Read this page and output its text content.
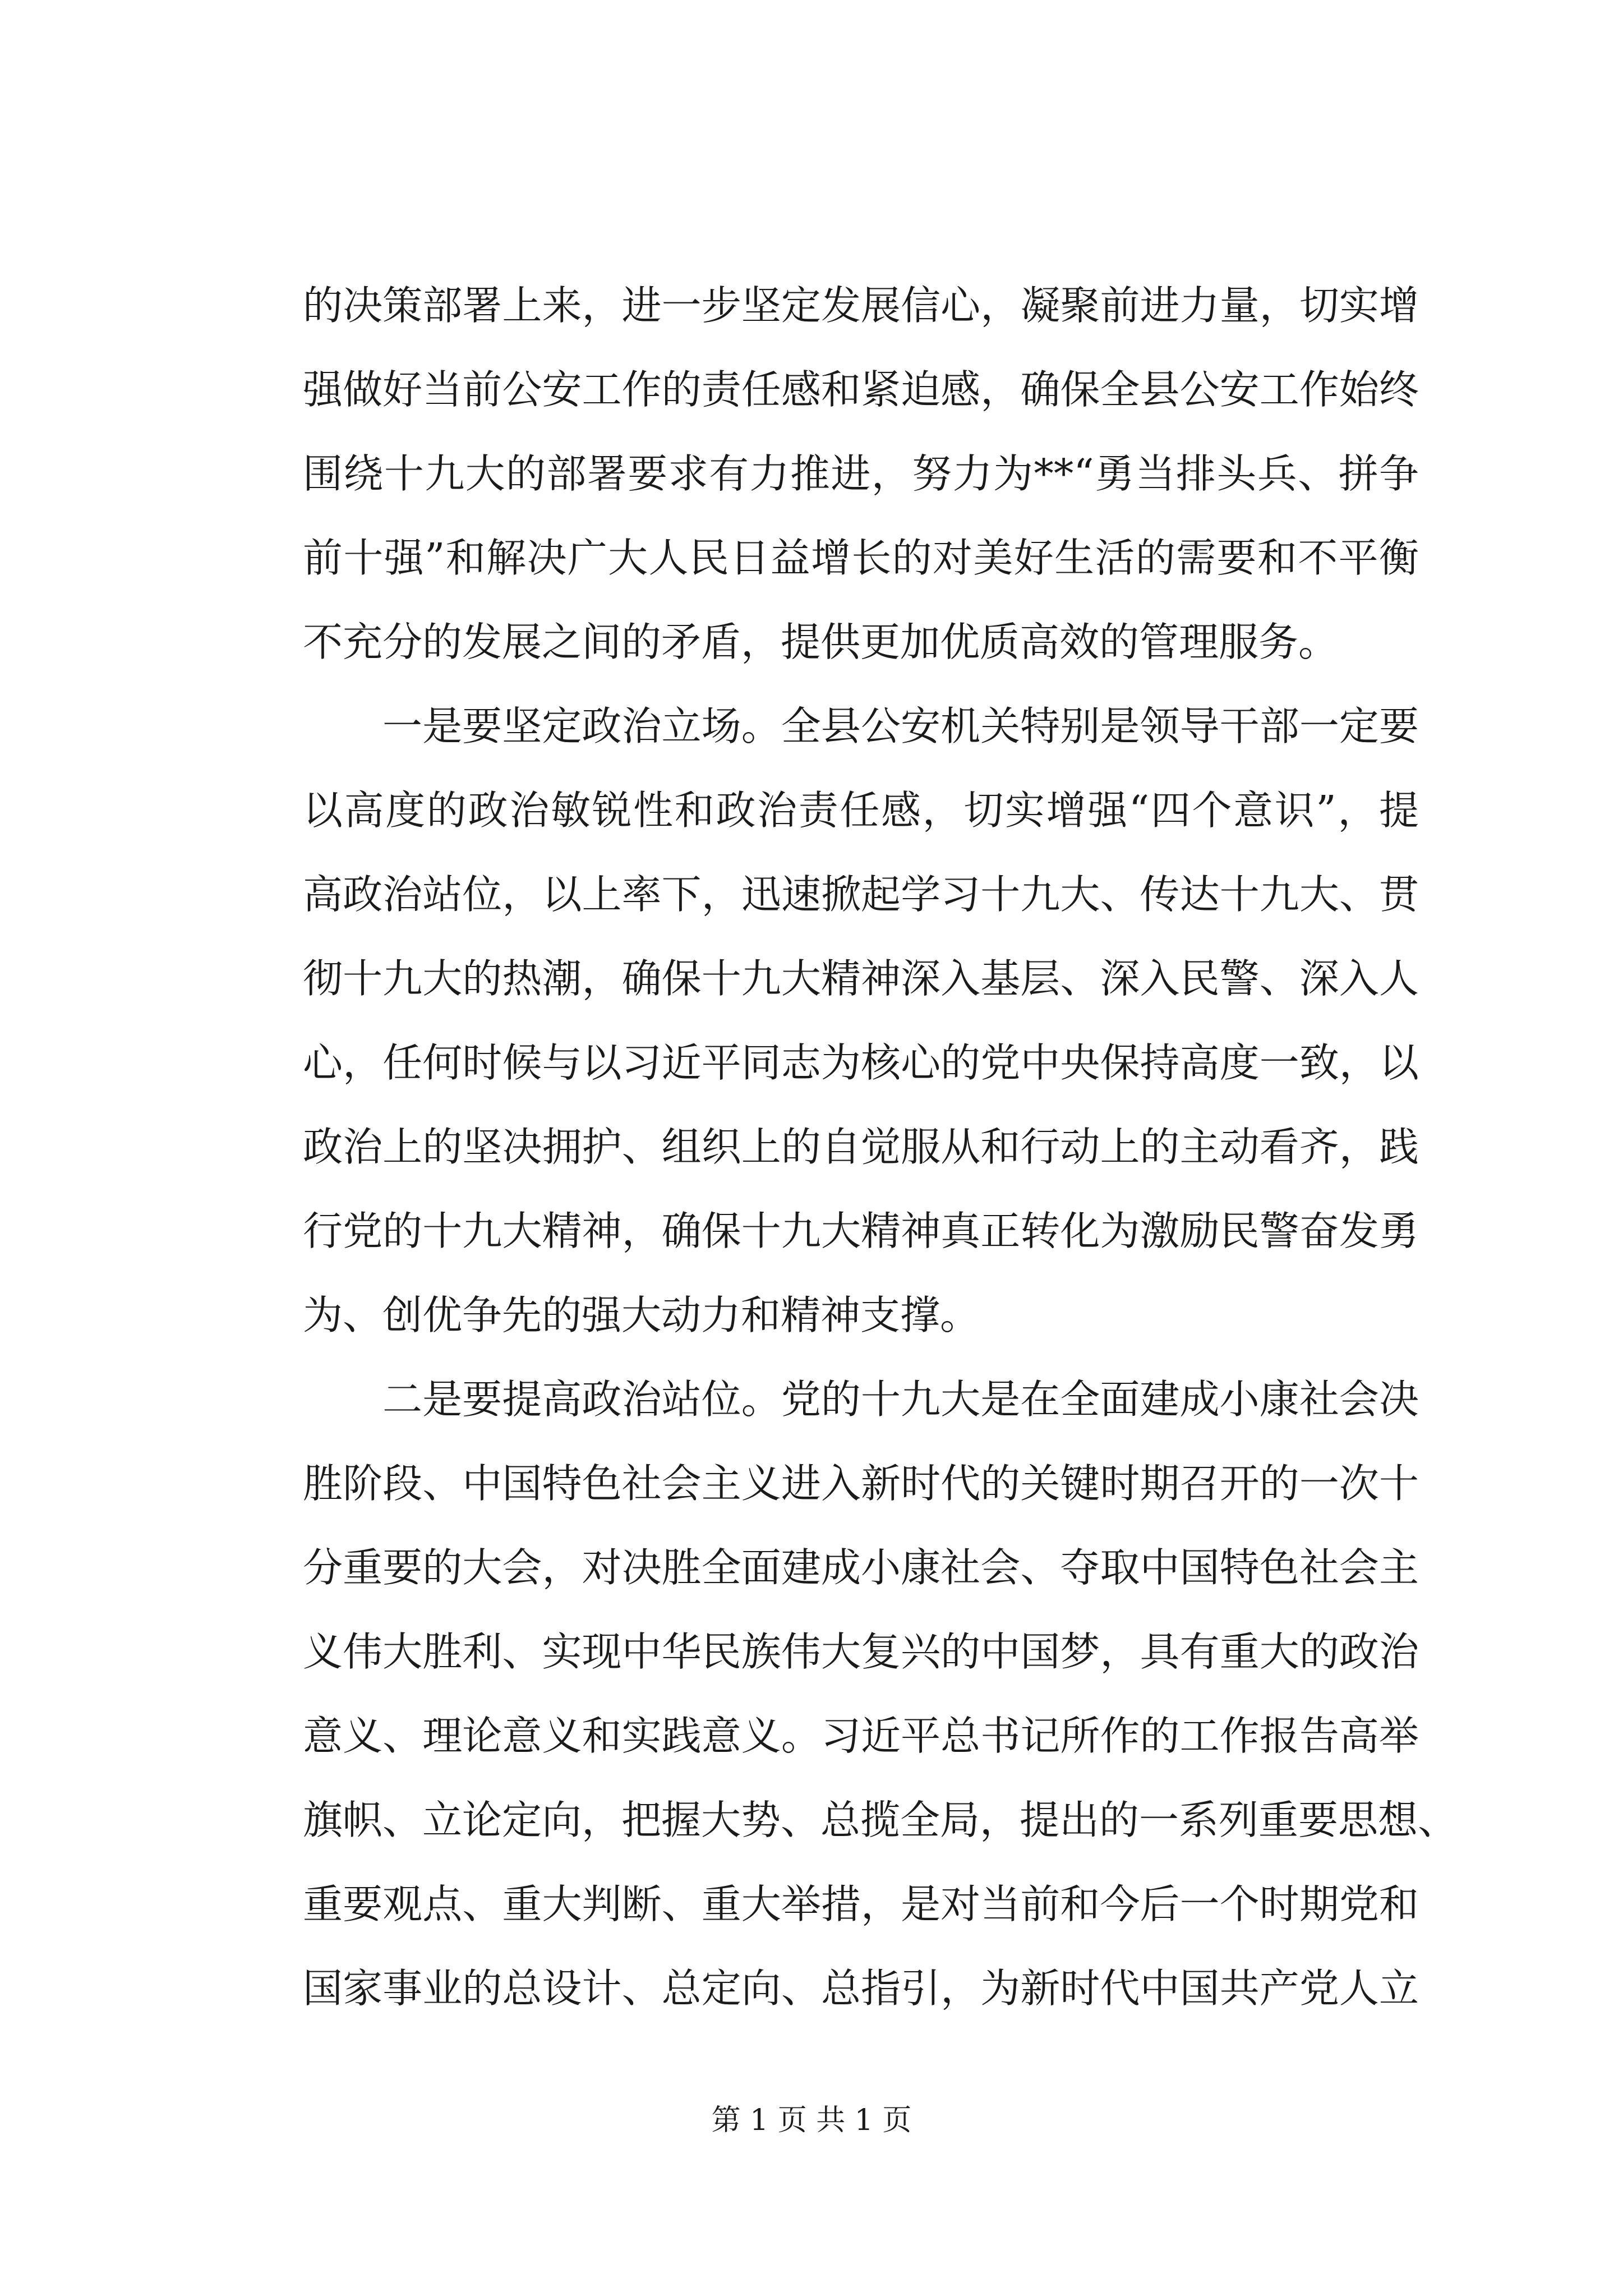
的决策部署上来，进一步坚定发展信心，凝聚前进力量，切实增
强做好当前公安工作的责任感和紧迫感，确保全县公安工作始终
围绕十九大的部署要求有力推进，努力为**“勇当排头兵、拼争
前十强”和解决广大人民日益增长的对美好生活的需要和不平衡
不充分的发展之间的矛盾，提供更加优质高效的管理服务。
一是要坚定政治立场。全县公安机关特别是领导干部一定要
以高度的政治敏锐性和政治责任感，切实增强“四个意识”，提
高政治站位，以上率下，迅速掀起学习十九大、传达十九大、贯
彻十九大的热潮，确保十九大精神深入基层、深入民警、深入人
心，任何时候与以习近平同志为核心的党中央保持高度一致，以
政治上的坚决拥护、组织上的自觉服从和行动上的主动看齐，践
行党的十九大精神，确保十九大精神真正转化为激励民警奋发勇
为、创优争先的强大动力和精神支撑。
二是要提高政治站位。党的十九大是在全面建成小康社会决
胜阶段、中国特色社会主义进入新时代的关键时期召开的一次十
分重要的大会，对决胜全面建成小康社会、夺取中国特色社会主
义伟大胜利、实现中华民族伟大复兴的中国梦，具有重大的政治
意义、理论意义和实践意义。习近平总书记所作的工作报告高举
旗帜、立论定向，把握大势、总揽全局，提出的一系列重要思想、
重要观点、重大判断、重大举措，是对当前和今后一个时期党和
国家事业的总设计、总定向、总指引，为新时代中国共产党人立
第 1 页 共 1 页
